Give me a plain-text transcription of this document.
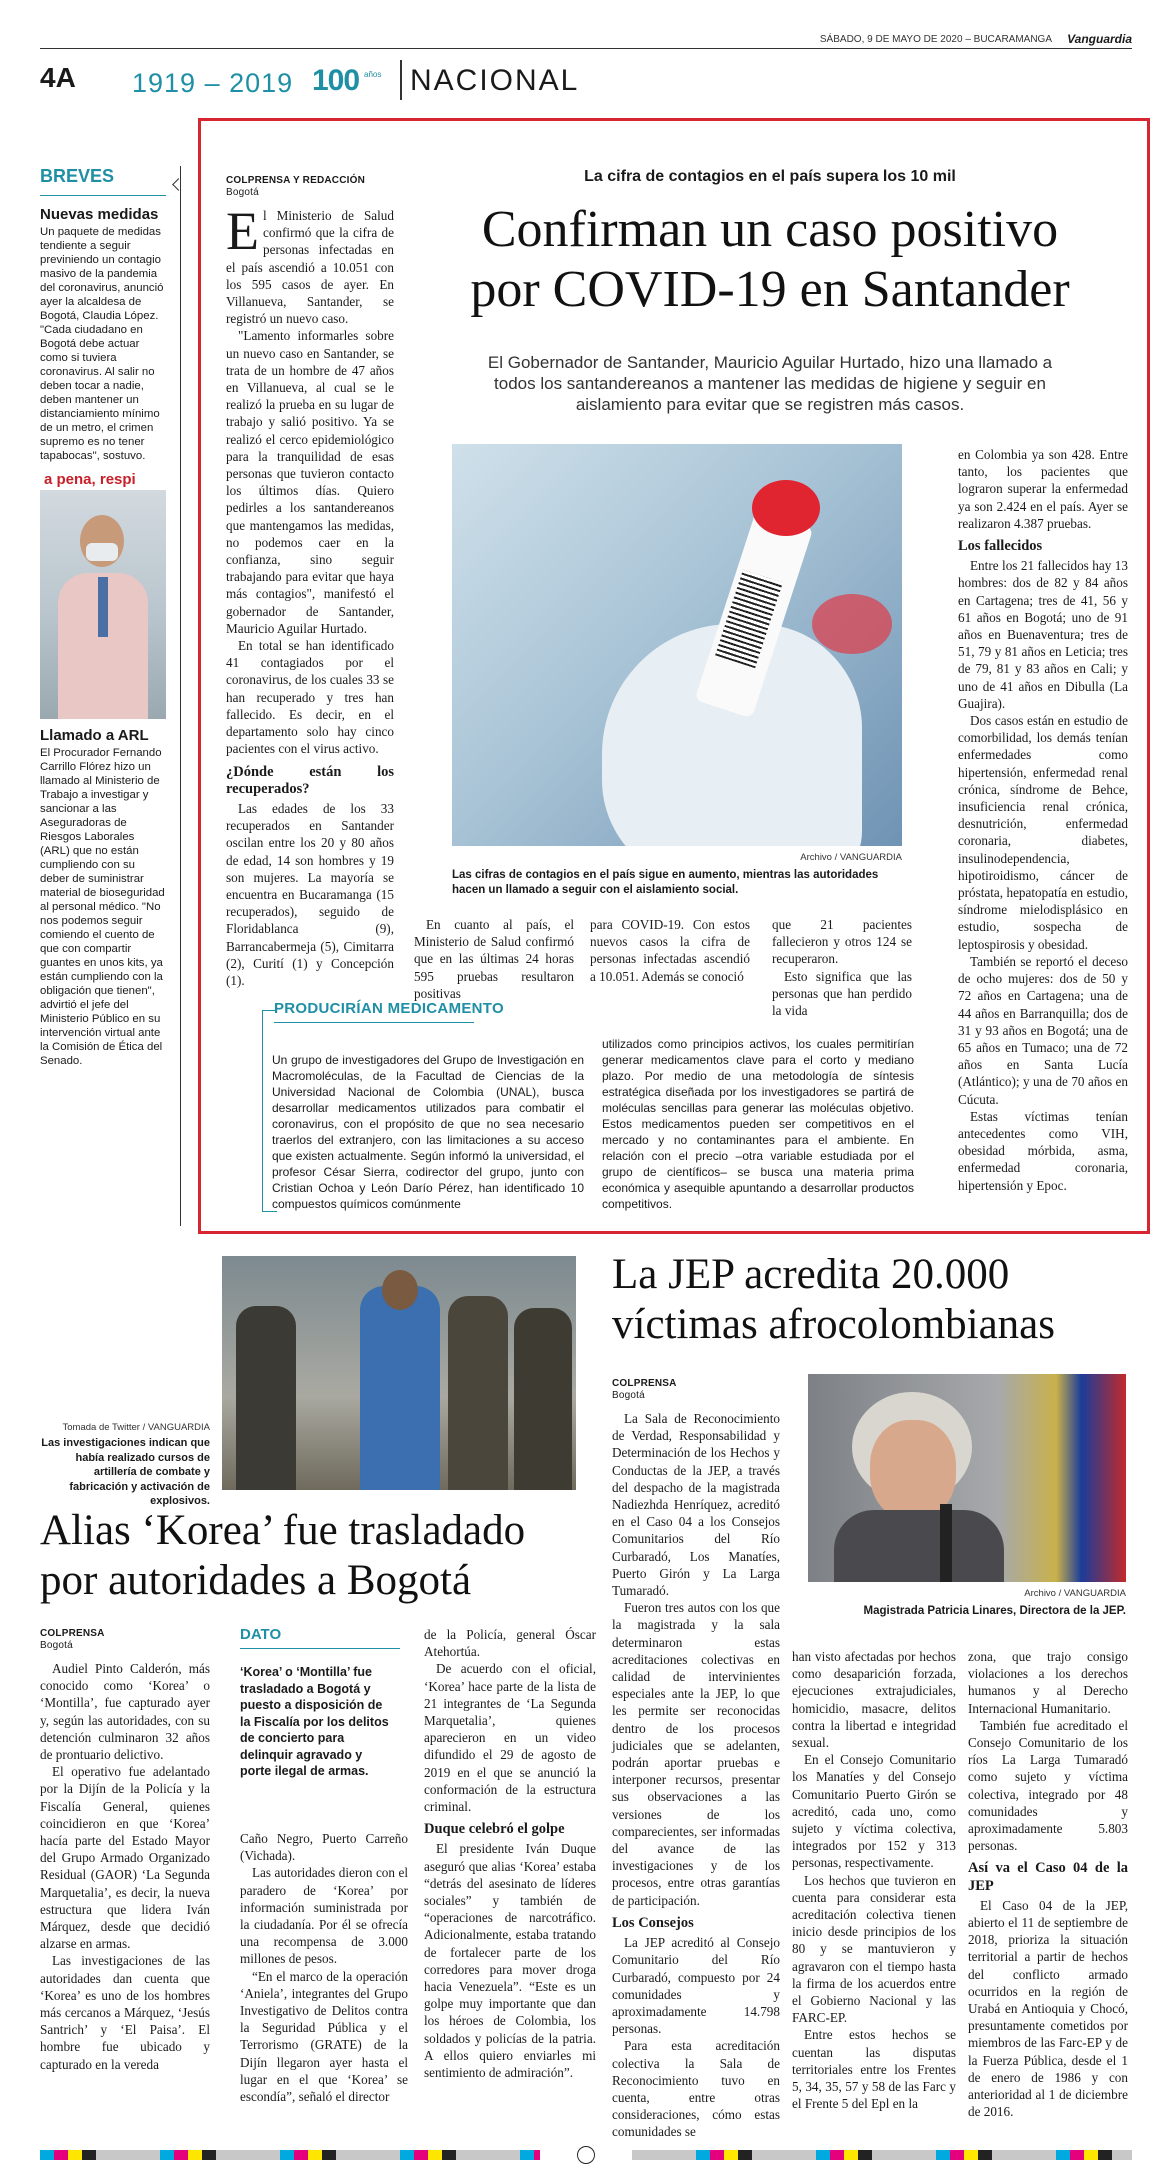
SÁBADO, 9 DE MAYO DE 2020 – BUCARAMANGA Vanguardia
4A 1919 – 2019 100 años NACIONAL
BREVES
Nuevas medidas
Un paquete de medidas tendiente a seguir previniendo un contagio masivo de la pandemia del coronavirus, anunció ayer la alcaldesa de Bogotá, Claudia López. "Cada ciudadano en Bogotá debe actuar como si tuviera coronavirus. Al salir no deben tocar a nadie, deben mantener un distanciamiento mínimo de un metro, el crimen supremo es no tener tapabocas", sostuvo.
a pena, respi
Llamado a ARL
El Procurador Fernando Carrillo Flórez hizo un llamado al Ministerio de Trabajo a investigar y sancionar a las Aseguradoras de Riesgos Laborales (ARL) que no están cumpliendo con su deber de suministrar material de bioseguridad al personal médico. "No nos podemos seguir comiendo el cuento de que con compartir guantes en unos kits, ya están cumpliendo con la obligación que tienen", advirtió el jefe del Ministerio Público en su intervención virtual ante la Comisión de Ética del Senado.
COLPRENSA Y REDACCIÓN
Bogotá
La cifra de contagios en el país supera los 10 mil
Confirman un caso positivo
por COVID-19 en Santander
El Gobernador de Santander, Mauricio Aguilar Hurtado, hizo una llamado a todos los santandereanos a mantener las medidas de higiene y seguir en aislamiento para evitar que se registren más casos.
E l Ministerio de Salud confirmó que la cifra de personas infectadas en el país ascendió a 10.051 con los 595 casos de ayer. En Villanueva, Santander, se registró un nuevo caso.

"Lamento informarles sobre un nuevo caso en Santander, se trata de un hombre de 47 años en Villanueva, al cual se le realizó la prueba en su lugar de trabajo y salió positivo. Ya se realizó el cerco epidemiológico para la tranquilidad de esas personas que tuvieron contacto los últimos días. Quiero pedirles a los santandereanos que mantengamos las medidas, no podemos caer en la confianza, sino seguir trabajando para evitar que haya más contagios", manifestó el gobernador de Santander, Mauricio Aguilar Hurtado.

En total se han identificado 41 contagiados por el coronavirus, de los cuales 33 se han recuperado y tres han fallecido. Es decir, en el departamento solo hay cinco pacientes con el virus activo.

¿Dónde están los recuperados?

Las edades de los 33 recuperados en Santander oscilan entre los 20 y 80 años de edad, 14 son hombres y 19 son mujeres. La mayoría se encuentra en Bucaramanga (15 recuperados), seguido de Floridablanca (9), Barrancabermeja (5), Cimitarra (2), Curití (1) y Concepción (1).

Archivo / VANGUARDIA
Las cifras de contagios en el país sigue en aumento, mientras las autoridades hacen un llamado a seguir con el aislamiento social.

En cuanto al país, el Ministerio de Salud confirmó que en las últimas 24 horas 595 pruebas resultaron positivas

para COVID-19. Con estos nuevos casos la cifra de personas infectadas ascendió a 10.051. Además se conoció

que 21 pacientes fallecieron y otros 124 se recuperaron.

Esto significa que las personas que han perdido la vida

en Colombia ya son 428. Entre tanto, los pacientes que lograron superar la enfermedad ya son 2.424 en el país. Ayer se realizaron 4.387 pruebas.

Los fallecidos

Entre los 21 fallecidos hay 13 hombres: dos de 82 y 84 años en Cartagena; tres de 41, 56 y 61 años en Bogotá; uno de 91 años en Buenaventura; tres de 51, 79 y 81 años en Leticia; tres de 79, 81 y 83 años en Cali; y uno de 41 años en Dibulla (La Guajira).

Dos casos están en estudio de comorbilidad, los demás tenían enfermedades como hipertensión, enfermedad renal crónica, síndrome de Behce, insuficiencia renal crónica, desnutrición, enfermedad coronaria, diabetes, insulinodependencia, hipotiroidismo, cáncer de próstata, hepatopatía en estudio, síndrome mielodisplásico en estudio, sospecha de leptospirosis y obesidad.

También se reportó el deceso de ocho mujeres: dos de 50 y 72 años en Cartagena; una de 44 años en Barranquilla; dos de 31 y 93 años en Bogotá; una de 65 años en Tumaco; una de 72 años en Santa Lucía (Atlántico); y una de 70 años en Cúcuta.

Estas víctimas tenían antecedentes como VIH, obesidad mórbida, asma, enfermedad coronaria, hipertensión y Epoc.

PRODUCIRÍAN MEDICAMENTO
Un grupo de investigadores del Grupo de Investigación en Macromoléculas, de la Facultad de Ciencias de la Universidad Nacional de Colombia (UNAL), busca desarrollar medicamentos utilizados para combatir el coronavirus, con el propósito de que no sea necesario traerlos del extranjero, con las limitaciones a su acceso que existen actualmente. Según informó la universidad, el profesor César Sierra, codirector del grupo, junto con Cristian Ochoa y León Darío Pérez, han identificado 10 compuestos químicos comúnmente
utilizados como principios activos, los cuales permitirían generar medicamentos clave para el corto y mediano plazo. Por medio de una metodología de síntesis estratégica diseñada por los investigadores se partirá de moléculas sencillas para generar las moléculas objetivo. Estos medicamentos pueden ser competitivos en el mercado y no contaminantes para el ambiente. En relación con el precio –otra variable estudiada por el grupo de científicos– se busca una materia prima económica y asequible apuntando a desarrollar productos competitivos.
Tomada de Twitter / VANGUARDIA
Las investigaciones indican que había realizado cursos de artillería de combate y fabricación y activación de explosivos.
Alias ‘Korea’ fue trasladado
por autoridades a Bogotá
COLPRENSA
Bogotá

Audiel Pinto Calderón, más conocido como ‘Korea’ o ‘Montilla’, fue capturado ayer y, según las autoridades, con su detención culminaron 32 años de prontuario delictivo.

El operativo fue adelantado por la Dijín de la Policía y la Fiscalía General, quienes coincidieron en que ‘Korea’ hacía parte del Estado Mayor del Grupo Armado Organizado Residual (GAOR) ‘La Segunda Marquetalia’, es decir, la nueva estructura que lidera Iván Márquez, desde que decidió alzarse en armas.

Las investigaciones de las autoridades dan cuenta que ‘Korea’ es uno de los hombres más cercanos a Márquez, ‘Jesús Santrich’ y ‘El Paisa’. El hombre fue ubicado y capturado en la vereda

DATO
‘Korea’ o ‘Montilla’ fue trasladado a Bogotá y puesto a disposición de la Fiscalía por los delitos de concierto para delinquir agravado y porte ilegal de armas.

Caño Negro, Puerto Carreño (Vichada).

Las autoridades dieron con el paradero de ‘Korea’ por información suministrada por la ciudadanía. Por él se ofrecía una recompensa de 3.000 millones de pesos.

“En el marco de la operación ‘Aniela’, integrantes del Grupo Investigativo de Delitos contra la Seguridad Pública y el Terrorismo (GRATE) de la Dijín llegaron ayer hasta el lugar en el que ‘Korea’ se escondía”, señaló el director

de la Policía, general Óscar Atehortúa.

De acuerdo con el oficial, ‘Korea’ hace parte de la lista de 21 integrantes de ‘La Segunda Marquetalia’, quienes aparecieron en un video difundido el 29 de agosto de 2019 en el que se anunció la conformación de la estructura criminal.

Duque celebró el golpe

El presidente Iván Duque aseguró que alias ‘Korea’ estaba “detrás del asesinato de líderes sociales” y también de “operaciones de narcotráfico. Adicionalmente, estaba tratando de fortalecer parte de los corredores para mover droga hacia Venezuela”. “Este es un golpe muy importante que dan los héroes de Colombia, los soldados y policías de la patria. A ellos quiero enviarles mi sentimiento de admiración”.

La JEP acredita 20.000
víctimas afrocolombianas
COLPRENSA
Bogotá

La Sala de Reconocimiento de Verdad, Responsabilidad y Determinación de los Hechos y Conductas de la JEP, a través del despacho de la magistrada Nadiezhda Henríquez, acreditó en el Caso 04 a los Consejos Comunitarios del Río Curbaradó, Los Manatíes, Puerto Girón y La Larga Tumaradó.

Fueron tres autos con los que la magistrada y la sala determinaron estas acreditaciones colectivas en calidad de intervinientes especiales ante la JEP, lo que les permite ser reconocidas dentro de los procesos judiciales que se adelanten, podrán aportar pruebas e interponer recursos, presentar sus observaciones a las versiones de los comparecientes, ser informadas del avance de las investigaciones y de los procesos, entre otras garantías de participación.

Los Consejos

La JEP acreditó al Consejo Comunitario del Río Curbaradó, compuesto por 24 comunidades y aproximadamente 14.798 personas.

Para esta acreditación colectiva la Sala de Reconocimiento tuvo en cuenta, entre otras consideraciones, cómo estas comunidades se

Archivo / VANGUARDIA
Magistrada Patricia Linares, Directora de la JEP.

han visto afectadas por hechos como desaparición forzada, ejecuciones extrajudiciales, homicidio, masacre, delitos contra la libertad e integridad sexual.

En el Consejo Comunitario los Manatíes y del Consejo Comunitario Puerto Girón se acreditó, cada uno, como sujeto y víctima colectiva, integrados por 152 y 313 personas, respectivamente.

Los hechos que tuvieron en cuenta para considerar esta acreditación colectiva tienen inicio desde principios de los 80 y se mantuvieron y agravaron con el tiempo hasta la firma de los acuerdos entre el Gobierno Nacional y las FARC-EP.

Entre estos hechos se cuentan las disputas territoriales entre los Frentes 5, 34, 35, 57 y 58 de las Farc y el Frente 5 del Epl en la

zona, que trajo consigo violaciones a los derechos humanos y al Derecho Internacional Humanitario.

También fue acreditado el Consejo Comunitario de los ríos La Larga Tumaradó como sujeto y víctima colectiva, integrado por 48 comunidades y aproximadamente 5.803 personas.

Así va el Caso 04 de la JEP

El Caso 04 de la JEP, abierto el 11 de septiembre de 2018, prioriza la situación territorial a partir de hechos del conflicto armado ocurridos en la región de Urabá en Antioquia y Chocó, presuntamente cometidos por miembros de las Farc-EP y de la Fuerza Pública, desde el 1 de enero de 1986 y con anterioridad al 1 de diciembre de 2016.
